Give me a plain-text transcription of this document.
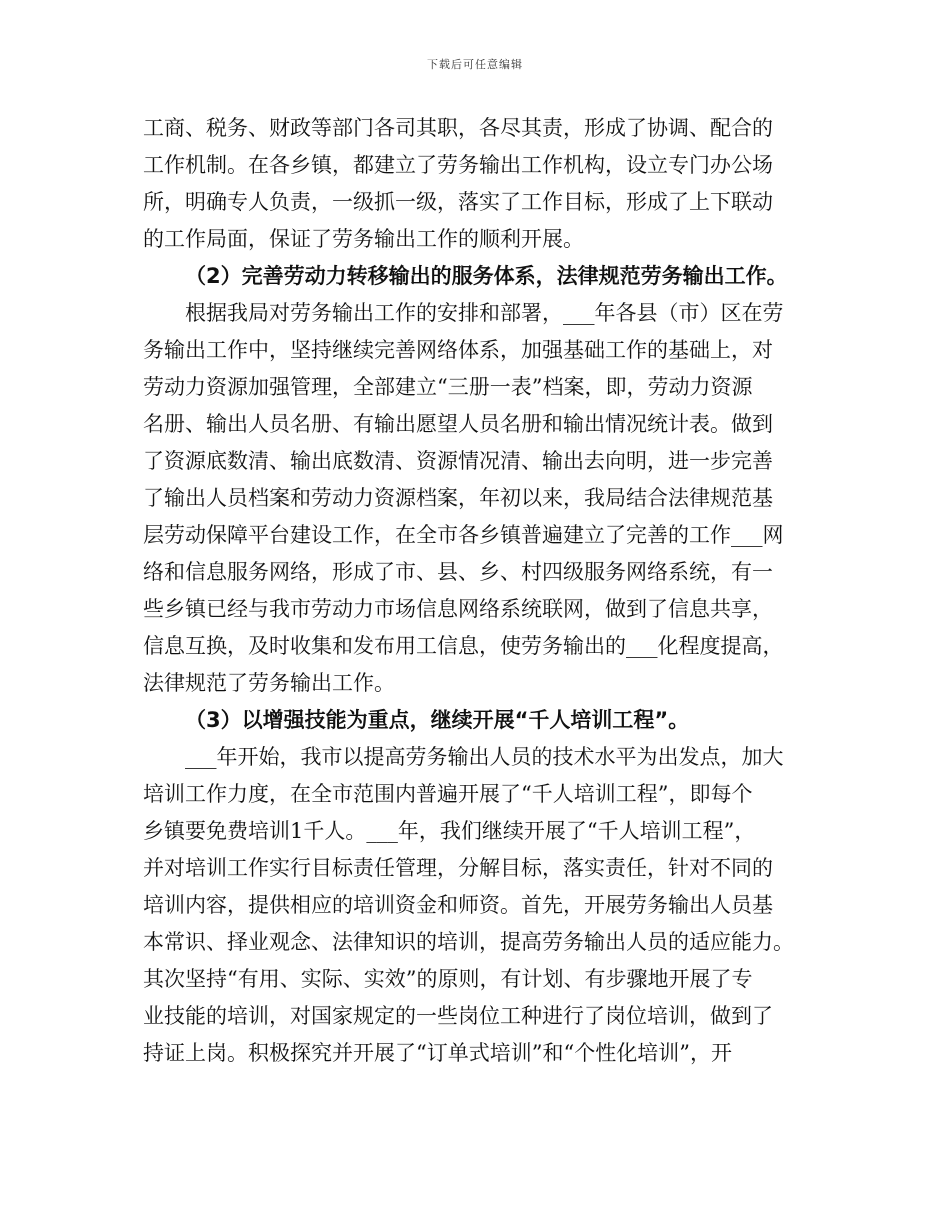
下载后可任意编辑
工商、税务、财政等部门各司其职，各尽其责，形成了协调、配合的
工作机制。在各乡镇，都建立了劳务输出工作机构，设立专门办公场
所，明确专人负责，一级抓一级，落实了工作目标，形成了上下联动
的工作局面，保证了劳务输出工作的顺利开展。
（2）完善劳动力转移输出的服务体系，法律规范劳务输出工作。
根据我局对劳务输出工作的安排和部署，___年各县（市）区在劳
务输出工作中，坚持继续完善网络体系，加强基础工作的基础上，对
劳动力资源加强管理，全部建立“三册一表”档案，即，劳动力资源
名册、输出人员名册、有输出愿望人员名册和输出情况统计表。做到
了资源底数清、输出底数清、资源情况清、输出去向明，进一步完善
了输出人员档案和劳动力资源档案，年初以来，我局结合法律规范基
层劳动保障平台建设工作，在全市各乡镇普遍建立了完善的工作___网
络和信息服务网络，形成了市、县、乡、村四级服务网络系统，有一
些乡镇已经与我市劳动力市场信息网络系统联网，做到了信息共享，
信息互换，及时收集和发布用工信息，使劳务输出的___化程度提高，
法律规范了劳务输出工作。
（3）以增强技能为重点，继续开展“千人培训工程”。
___年开始，我市以提高劳务输出人员的技术水平为出发点，加大
培训工作力度，在全市范围内普遍开展了“千人培训工程”，即每个
乡镇要免费培训1千人。___年，我们继续开展了“千人培训工程”，
并对培训工作实行目标责任管理，分解目标，落实责任，针对不同的
培训内容，提供相应的培训资金和师资。首先，开展劳务输出人员基
本常识、择业观念、法律知识的培训，提高劳务输出人员的适应能力。
其次坚持“有用、实际、实效”的原则，有计划、有步骤地开展了专
业技能的培训，对国家规定的一些岗位工种进行了岗位培训，做到了
持证上岗。积极探究并开展了“订单式培训”和“个性化培训”，开
